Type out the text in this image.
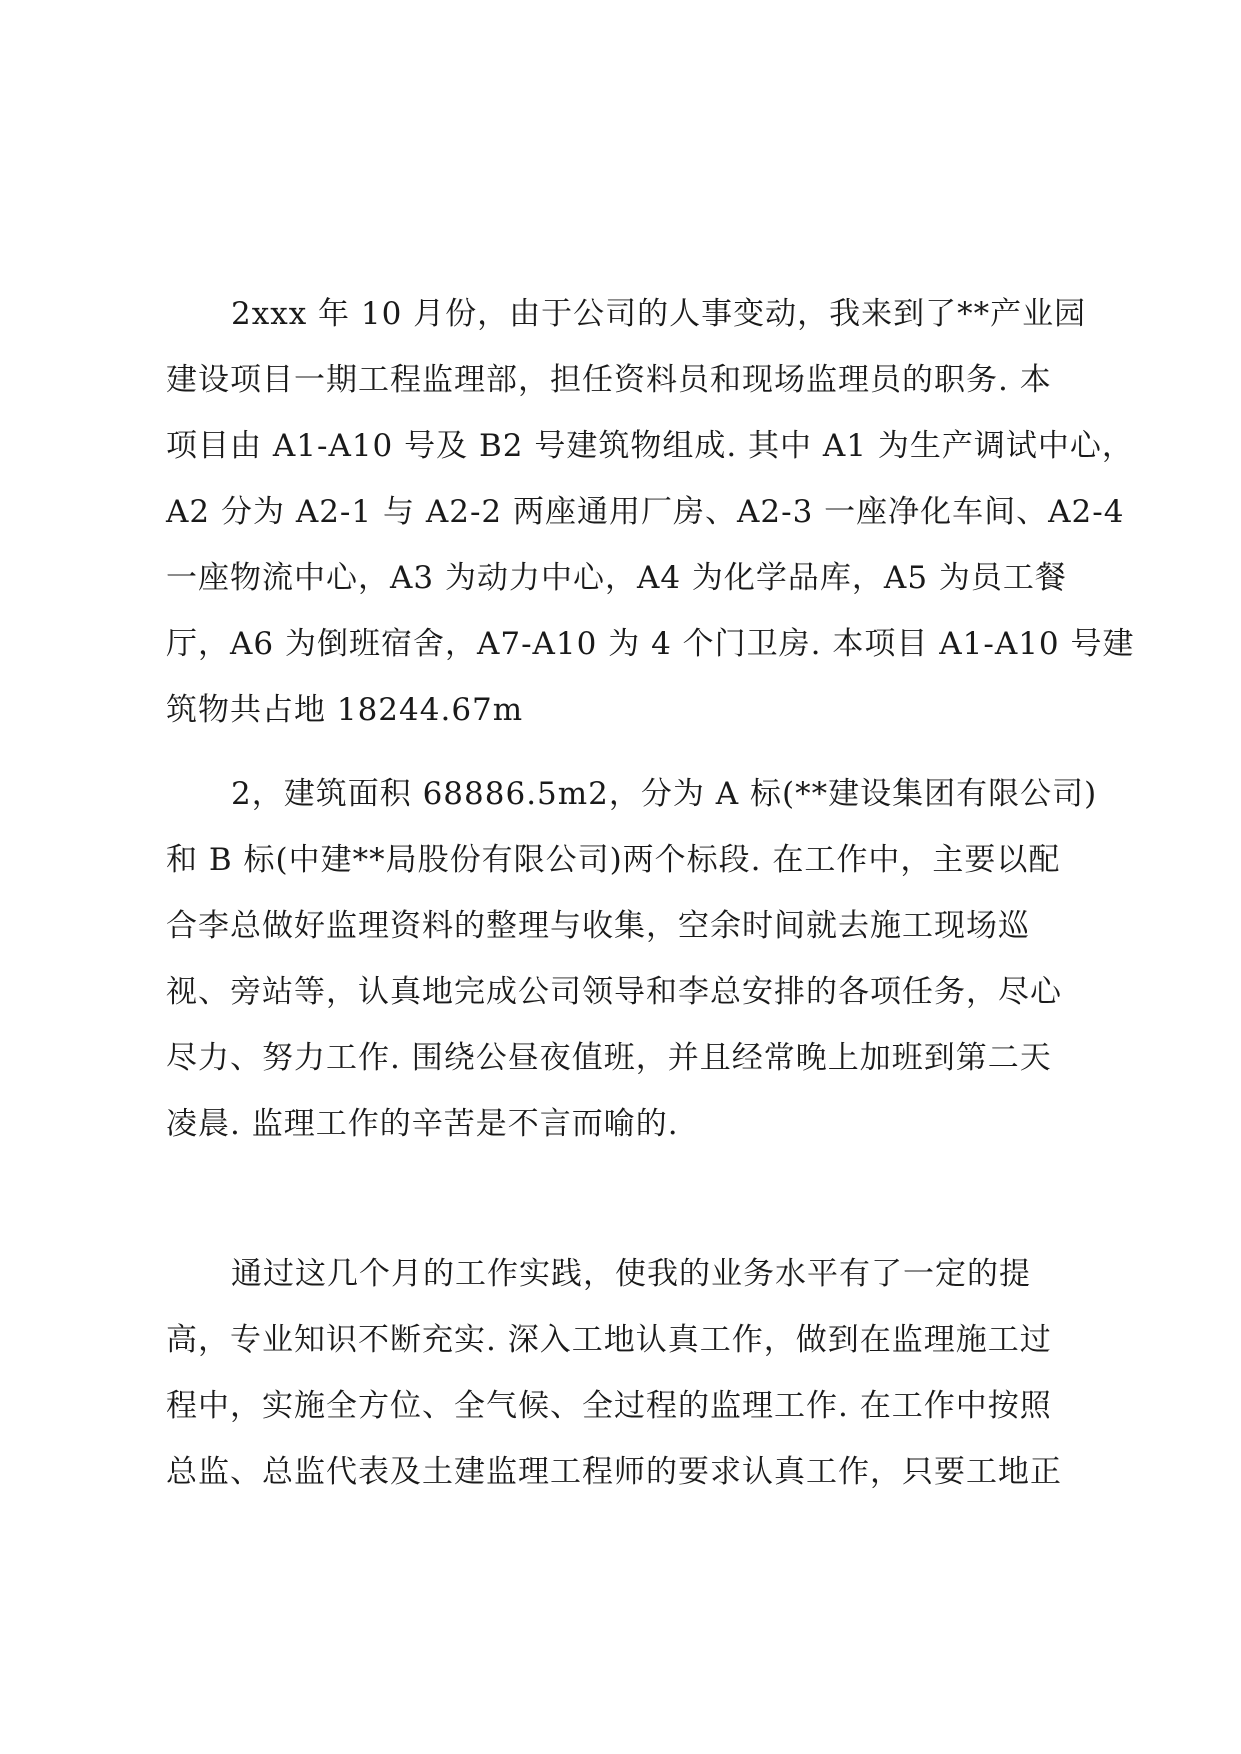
2xxx 年 10 月份，由于公司的人事变动，我来到了**产业园
建设项目一期工程监理部，担任资料员和现场监理员的职务. 本
项目由 A1-A10 号及 B2 号建筑物组成. 其中 A1 为生产调试中心，
A2 分为 A2-1 与 A2-2 两座通用厂房、A2-3 一座净化车间、A2-4
一座物流中心，A3 为动力中心，A4 为化学品库，A5 为员工餐
厅，A6 为倒班宿舍，A7-A10 为 4 个门卫房. 本项目 A1-A10 号建
筑物共占地 18244.67m
2，建筑面积 68886.5m2，分为 A 标(**建设集团有限公司)
和 B 标(中建**局股份有限公司)两个标段. 在工作中，主要以配
合李总做好监理资料的整理与收集，空余时间就去施工现场巡
视、旁站等，认真地完成公司领导和李总安排的各项任务，尽心
尽力、努力工作. 围绕公昼夜值班，并且经常晚上加班到第二天
凌晨. 监理工作的辛苦是不言而喻的.
通过这几个月的工作实践，使我的业务水平有了一定的提
高，专业知识不断充实. 深入工地认真工作，做到在监理施工过
程中，实施全方位、全气候、全过程的监理工作. 在工作中按照
总监、总监代表及土建监理工程师的要求认真工作，只要工地正
